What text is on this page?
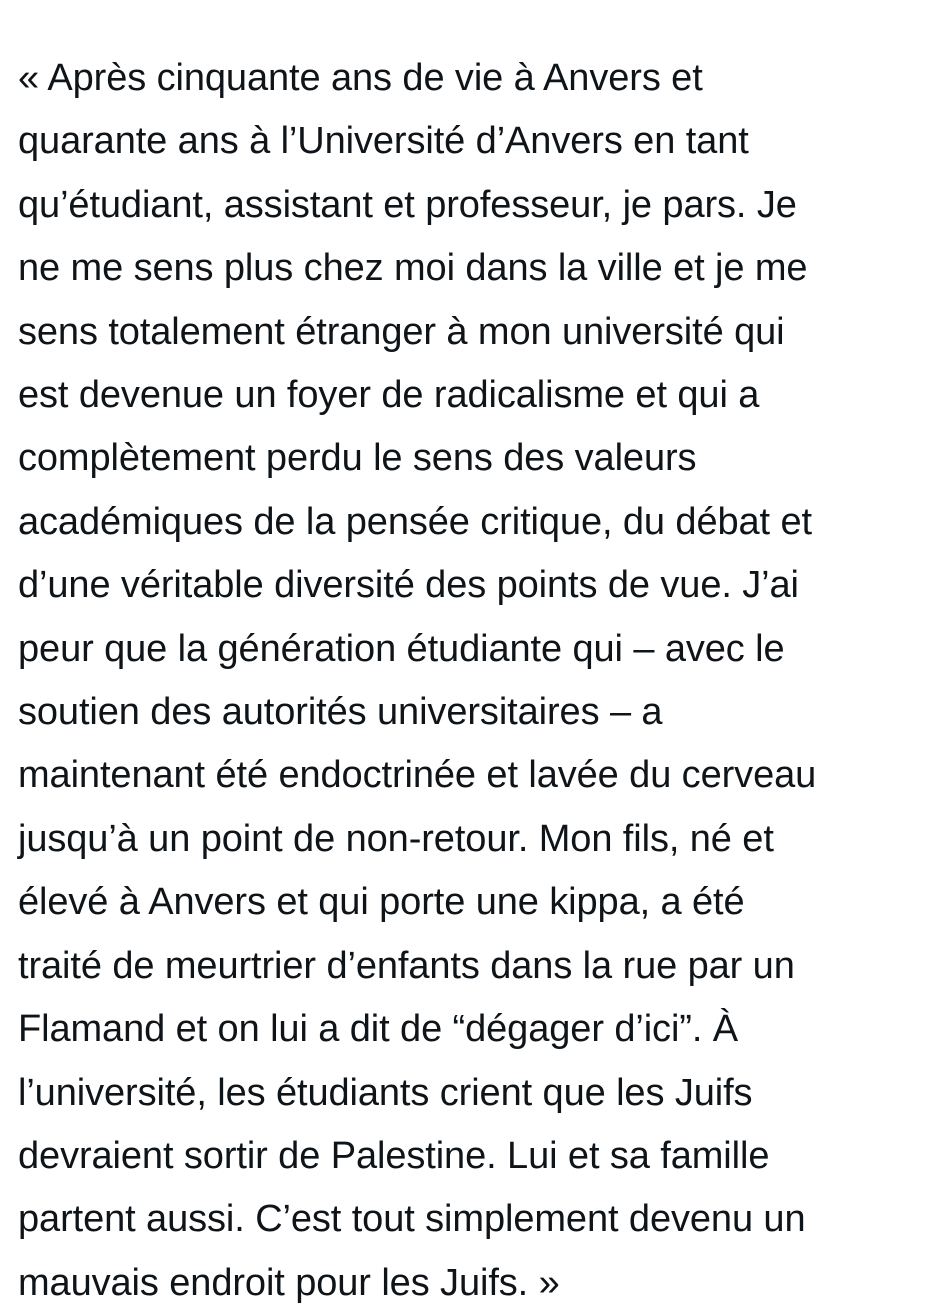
« Après cinquante ans de vie à Anvers et
quarante ans à l’Université d’Anvers en tant
qu’étudiant, assistant et professeur, je pars. Je
ne me sens plus chez moi dans la ville et je me
sens totalement étranger à mon université qui
est devenue un foyer de radicalisme et qui a
complètement perdu le sens des valeurs
académiques de la pensée critique, du débat et
d’une véritable diversité des points de vue. J’ai
peur que la génération étudiante qui – avec le
soutien des autorités universitaires – a
maintenant été endoctrinée et lavée du cerveau
jusqu’à un point de non-retour. Mon fils, né et
élevé à Anvers et qui porte une kippa, a été
traité de meurtrier d’enfants dans la rue par un
Flamand et on lui a dit de “dégager d’ici”. À
l’université, les étudiants crient que les Juifs
devraient sortir de Palestine. Lui et sa famille
partent aussi. C’est tout simplement devenu un
mauvais endroit pour les Juifs. »
